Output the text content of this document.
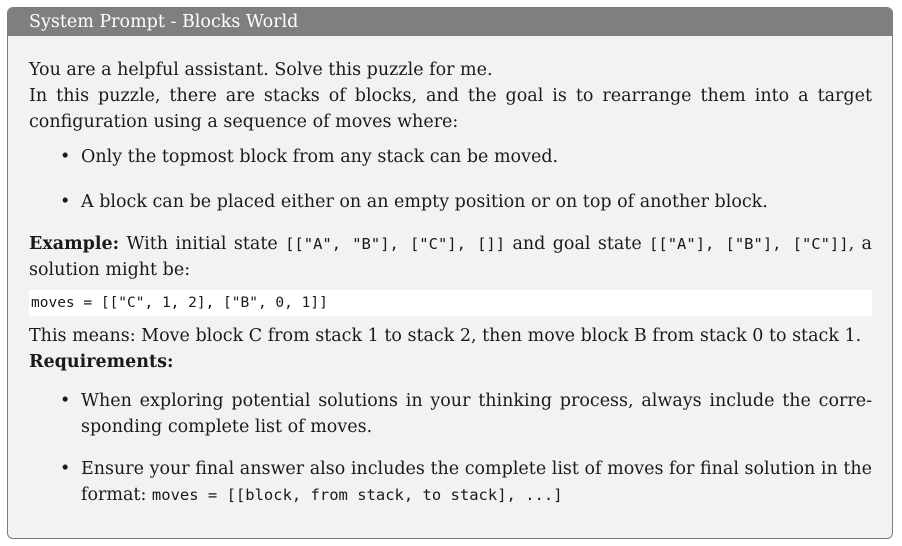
System Prompt - Blocks World

You are a helpful assistant. Solve this puzzle for me.

In this puzzle, there are stacks of blocks, and the goal is to rearrange them into a target configuration using a sequence of moves where:

• Only the topmost block from any stack can be moved.
• A block can be placed either on an empty position or on top of another block.

Example: With initial state [["A", "B"], ["C"], []] and goal state [["A"], ["B"], ["C"]], a solution might be:

moves = [["C", 1, 2], ["B", 0, 1]]

This means: Move block C from stack 1 to stack 2, then move block B from stack 0 to stack 1.

Requirements:

• When exploring potential solutions in your thinking process, always include the corre- sponding complete list of moves.
• Ensure your final answer also includes the complete list of moves for final solution in the format: moves = [[block, from stack, to stack], ...]
